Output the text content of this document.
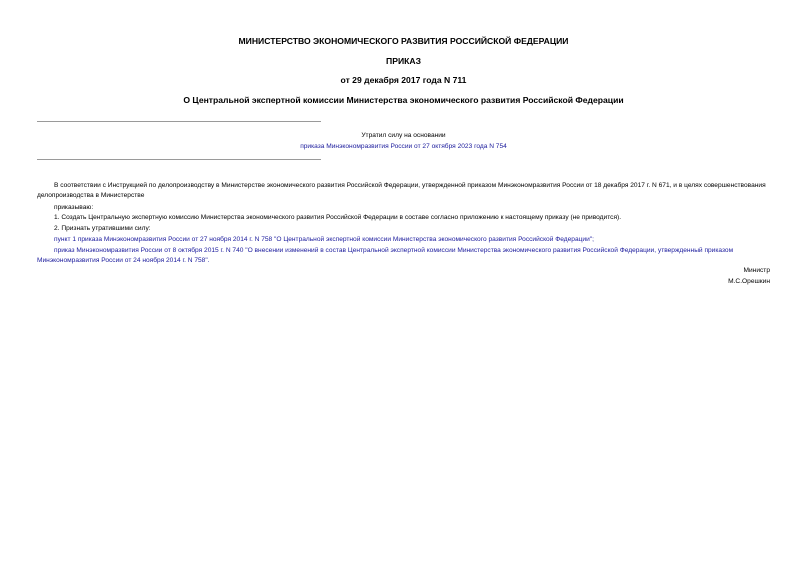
МИНИСТЕРСТВО ЭКОНОМИЧЕСКОГО РАЗВИТИЯ РОССИЙСКОЙ ФЕДЕРАЦИИ
ПРИКАЗ
от 29 декабря 2017 года N 711
О Центральной экспертной комиссии Министерства экономического развития Российской Федерации
Утратил силу на основании
приказа Минэкономразвития России от 27 октября 2023 года N 754
В соответствии с Инструкцией по делопроизводству в Министерстве экономического развития Российской Федерации, утвержденной приказом Минэкономразвития России от 18 декабря 2017 г. N 671, и в целях совершенствования делопроизводства в Министерстве
приказываю:
1. Создать Центральную экспертную комиссию Министерства экономического развития Российской Федерации в составе согласно приложению к настоящему приказу (не приводится).
2. Признать утратившими силу:
пункт 1 приказа Минэкономразвития России от 27 ноября 2014 г. N 758 "О Центральной экспертной комиссии Министерства экономического развития Российской Федерации";
приказ Минэкономразвития России от 8 октября 2015 г. N 740 "О внесении изменений в состав Центральной экспертной комиссии Министерства экономического развития Российской Федерации, утвержденный приказом Минэкономразвития России от 24 ноября 2014 г. N 758".
Министр
М.С.Орешкин
